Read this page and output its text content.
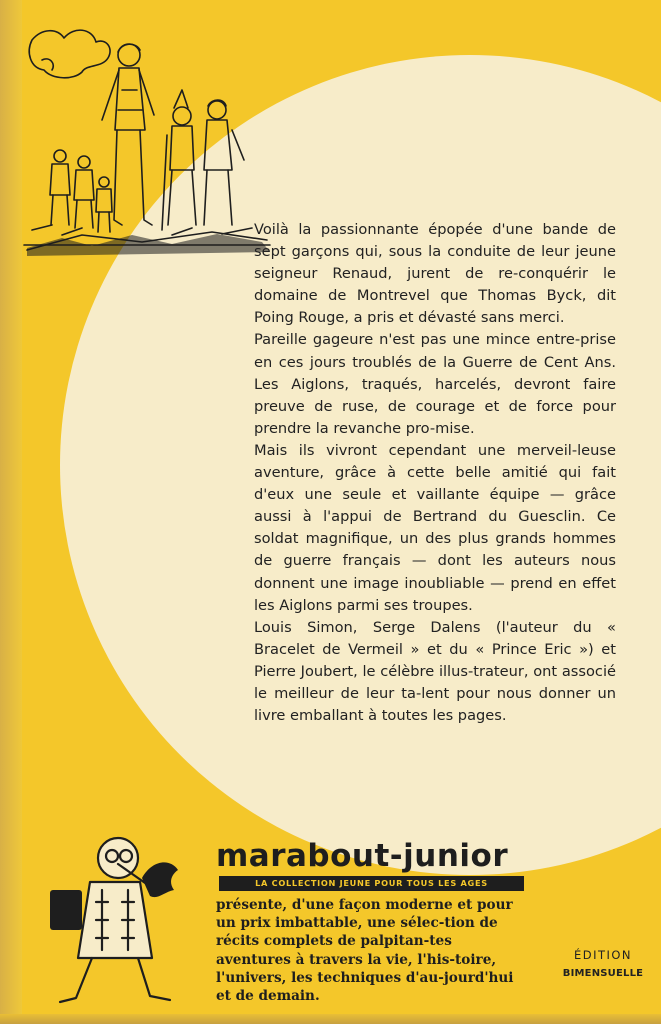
Voilà la passionnante épopée d'une bande de sept garçons qui, sous la conduite de leur jeune seigneur Renaud, jurent de re-conquérir le domaine de Montrevel que Thomas Byck, dit Poing Rouge, a pris et dévasté sans merci.

Pareille gageure n'est pas une mince entre-prise en ces jours troublés de la Guerre de Cent Ans. Les Aiglons, traqués, harcelés, devront faire preuve de ruse, de courage et de force pour prendre la revanche pro-mise.

Mais ils vivront cependant une merveil-leuse aventure, grâce à cette belle amitié qui fait d'eux une seule et vaillante équipe — grâce aussi à l'appui de Bertrand du Guesclin. Ce soldat magnifique, un des plus grands hommes de guerre français — dont les auteurs nous donnent une image inoubliable — prend en effet les Aiglons parmi ses troupes.

Louis Simon, Serge Dalens (l'auteur du « Bracelet de Vermeil » et du « Prince Eric ») et Pierre Joubert, le célèbre illus-trateur, ont associé le meilleur de leur ta-lent pour nous donner un livre emballant à toutes les pages.

marabout-junior
LA COLLECTION JEUNE POUR TOUS LES AGES
présente, d'une façon moderne et pour un prix imbattable, une sélec-tion de récits complets de palpitan-tes aventures à travers la vie, l'his-toire, l'univers, les techniques d'au-jourd'hui et de demain.
ÉDITION
BIMENSUELLE
